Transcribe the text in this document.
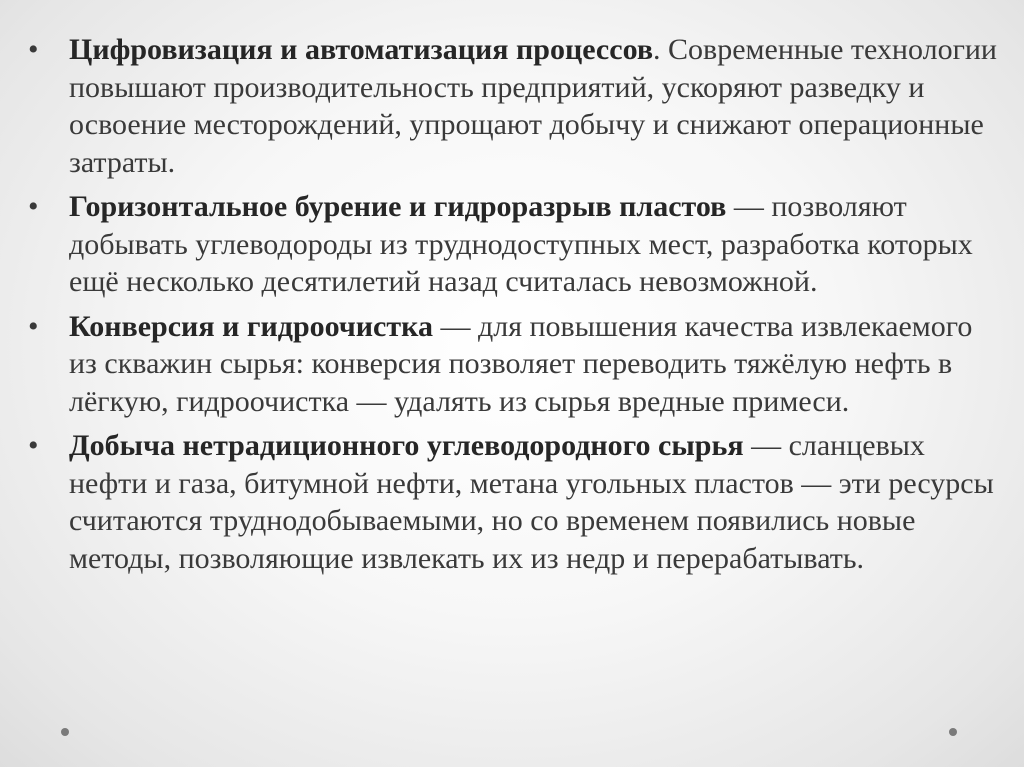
•	Цифровизация и автоматизация процессов. Современные технологии повышают производительность предприятий, ускоряют разведку и освоение месторождений, упрощают добычу и снижают операционные затраты.
•	Горизонтальное бурение и гидроразрыв пластов — позволяют добывать углеводороды из труднодоступных мест, разработка которых ещё несколько десятилетий назад считалась невозможной.
•	Конверсия и гидроочистка — для повышения качества извлекаемого из скважин сырья: конверсия позволяет переводить тяжёлую нефть в лёгкую, гидроочистка — удалять из сырья вредные примеси.
•	Добыча нетрадиционного углеводородного сырья — сланцевых нефти и газа, битумной нефти, метана угольных пластов — эти ресурсы считаются труднодобываемыми, но со временем появились новые методы, позволяющие извлекать их из недр и перерабатывать.
